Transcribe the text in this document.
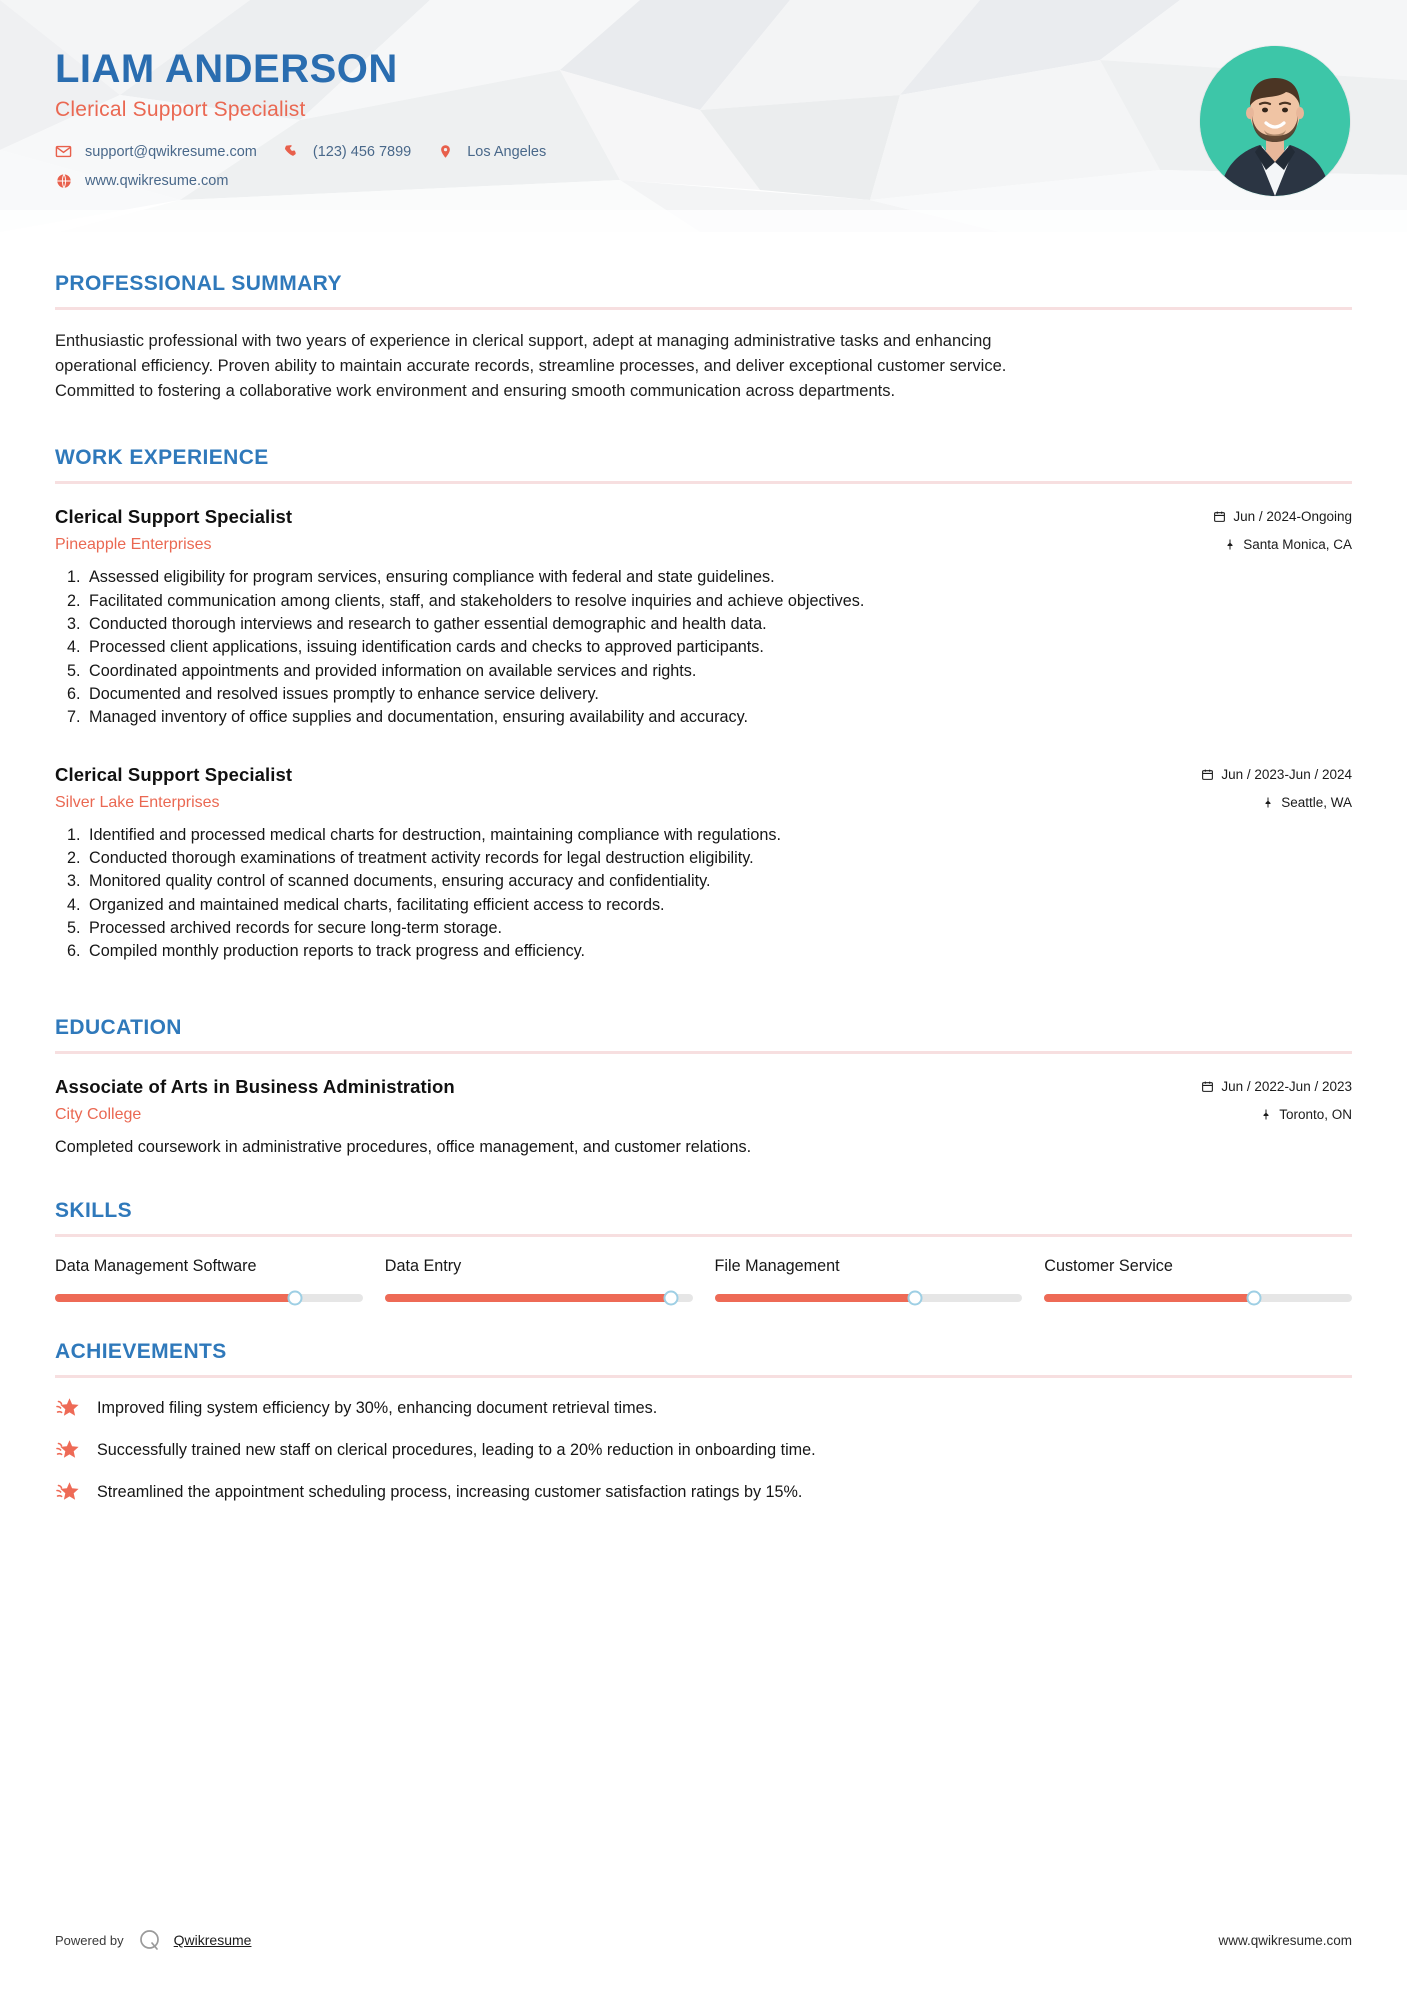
LIAM ANDERSON
Clerical Support Specialist
support@qwikresume.com	(123) 456 7899	Los Angeles
www.qwikresume.com
PROFESSIONAL SUMMARY

Enthusiastic professional with two years of experience in clerical support, adept at managing administrative tasks and enhancing operational efficiency. Proven ability to maintain accurate records, streamline processes, and deliver exceptional customer service. Committed to fostering a collaborative work environment and ensuring smooth communication across departments.

WORK EXPERIENCE
Clerical Support Specialist
Pineapple Enterprises
Jun / 2024-Ongoing
Santa Monica, CA
1. Assessed eligibility for program services, ensuring compliance with federal and state guidelines.
2. Facilitated communication among clients, staff, and stakeholders to resolve inquiries and achieve objectives.
3. Conducted thorough interviews and research to gather essential demographic and health data.
4. Processed client applications, issuing identification cards and checks to approved participants.
5. Coordinated appointments and provided information on available services and rights.
6. Documented and resolved issues promptly to enhance service delivery.
7. Managed inventory of office supplies and documentation, ensuring availability and accuracy.
Clerical Support Specialist
Silver Lake Enterprises
Jun / 2023-Jun / 2024
Seattle, WA
1. Identified and processed medical charts for destruction, maintaining compliance with regulations.
2. Conducted thorough examinations of treatment activity records for legal destruction eligibility.
3. Monitored quality control of scanned documents, ensuring accuracy and confidentiality.
4. Organized and maintained medical charts, facilitating efficient access to records.
5. Processed archived records for secure long-term storage.
6. Compiled monthly production reports to track progress and efficiency.
EDUCATION
Associate of Arts in Business Administration
City College
Jun / 2022-Jun / 2023
Toronto, ON
Completed coursework in administrative procedures, office management, and customer relations.
SKILLS
Data Management Software	Data Entry	File Management	Customer Service
ACHIEVEMENTS
Improved filing system efficiency by 30%, enhancing document retrieval times.
Successfully trained new staff on clerical procedures, leading to a 20% reduction in onboarding time.
Streamlined the appointment scheduling process, increasing customer satisfaction ratings by 15%.
Powered by	Qwikresume	www.qwikresume.com
